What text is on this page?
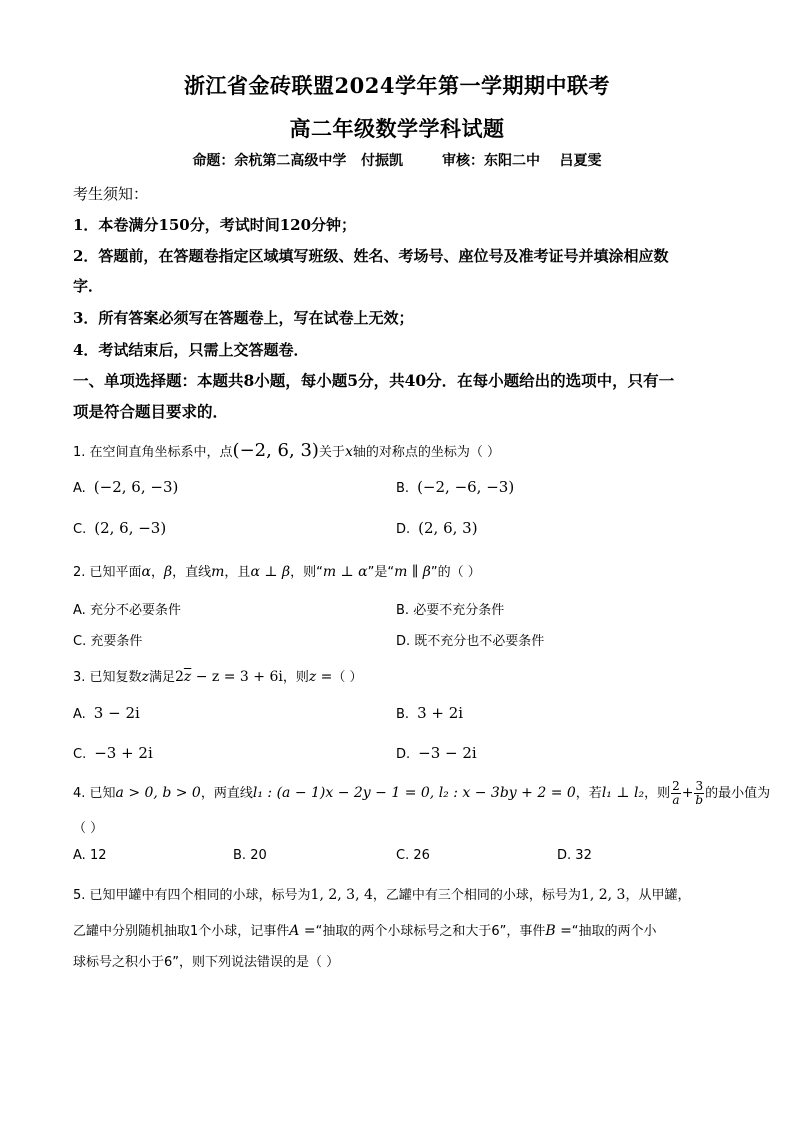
浙江省金砖联盟2024学年第一学期期中联考
高二年级数学学科试题
命题：余杭第二高级中学   付振凯        审核：东阳二中    吕夏雯
考生须知：
1．本卷满分150分，考试时间120分钟；
2．答题前，在答题卷指定区域填写班级、姓名、考场号、座位号及准考证号并填涂相应数
字．
3．所有答案必须写在答题卷上，写在试卷上无效；
4．考试结束后，只需上交答题卷．
一、单项选择题：本题共8小题，每小题5分，共40分．在每小题给出的选项中，只有一
项是符合题目要求的．
1. 在空间直角坐标系中，点(−2, 6, 3)关于x轴的对称点的坐标为（ ）
A. (−2, 6, −3)	B. (−2, −6, −3)
C. (2, 6, −3)	D. (2, 6, 3)
2. 已知平面α，β，直线m，且α ⊥ β，则“m ⊥ α”是“m ∥ β”的（ ）
A. 充分不必要条件	B. 必要不充分条件
C. 充要条件	D. 既不充分也不必要条件
3. 已知复数z满足$2\overline{z} - z = 3 + 6i$，则z =（ ）
A. 3 − 2i	B. 3 + 2i
C. −3 + 2i	D. −3 − 2i
4. 已知a > 0, b > 0，两直线l₁ : (a − 1)x − 2y − 1 = 0, l₂ : x − 3by + 2 = 0，若l₁ ⊥ l₂，则 $\frac{2}{a} + \frac{3}{b}$ 的最小值为
（ ）
A. 12	B. 20	C. 26	D. 32
5. 已知甲罐中有四个相同的小球，标号为1, 2, 3, 4，乙罐中有三个相同的小球，标号为1, 2, 3，从甲罐，
乙罐中分别随机抽取1个小球，记事件A =“抽取的两个小球标号之和大于6”，事件B =“抽取的两个小
球标号之积小于6”，则下列说法错误的是（ ）
